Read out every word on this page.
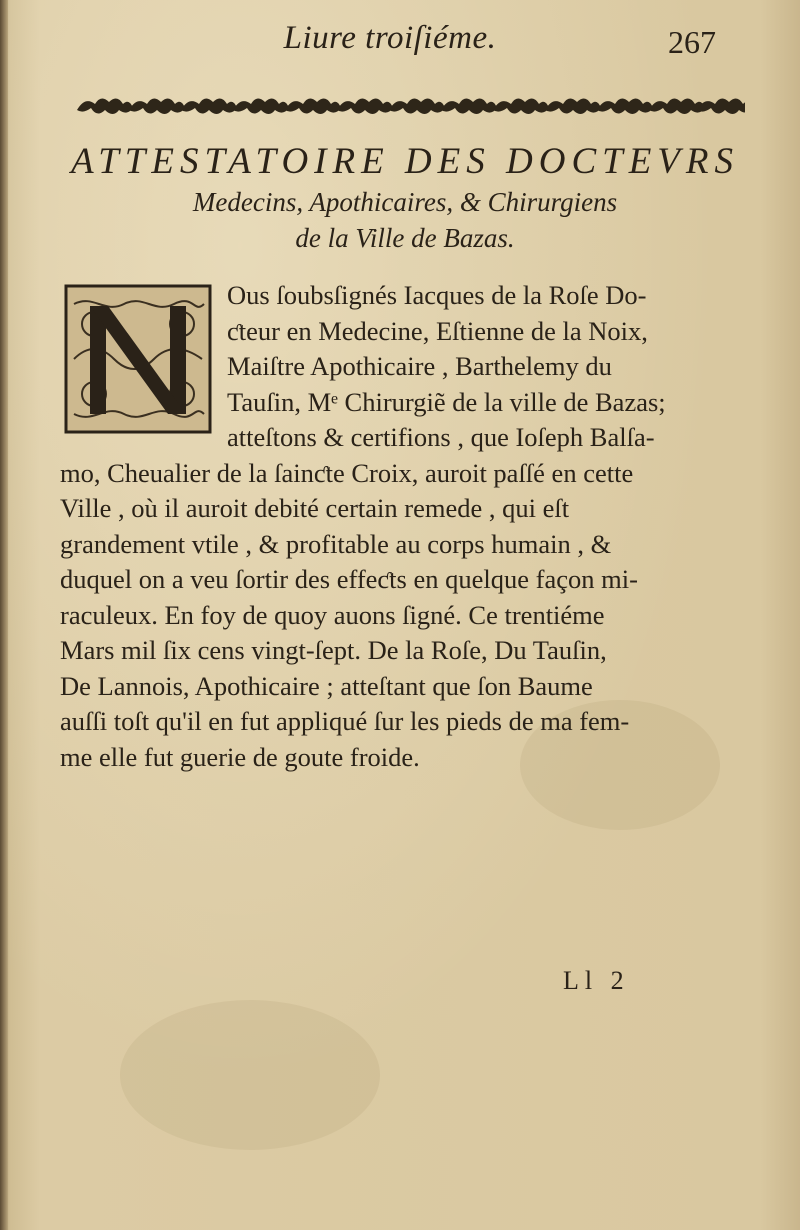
Liure troiſiéme.	267
ATTESTATOIRE DES DOCTEVRS
Medecins, Apothicaires, & Chirurgiens
de la Ville de Bazas.
Ous ſoubsſignés Iacques de la Roſe Do-
ƈteur en Medecine, Eſtienne de la Noix,
Maiſtre Apothicaire , Barthelemy du
Tauſin, Mᵉ Chirurgiẽ de la ville de Bazas;
atteſtons & certifions , que Ioſeph Balſa-
mo, Cheualier de la ſainƈte Croix, auroit paſſé en cette
Ville , où il auroit debité certain remede , qui eſt
grandement vtile , & profitable au corps humain , &
duquel on a veu ſortir des effeƈts en quelque façon mi-
raculeux. En foy de quoy auons ſigné. Ce trentiéme
Mars mil ſix cens vingt-ſept. De la Roſe, Du Tauſin,
De Lannois, Apothicaire ; atteſtant que ſon Baume
auſſi toſt qu'il en fut appliqué ſur les pieds de ma fem-
me elle fut guerie de goute froide.
Ll 2
